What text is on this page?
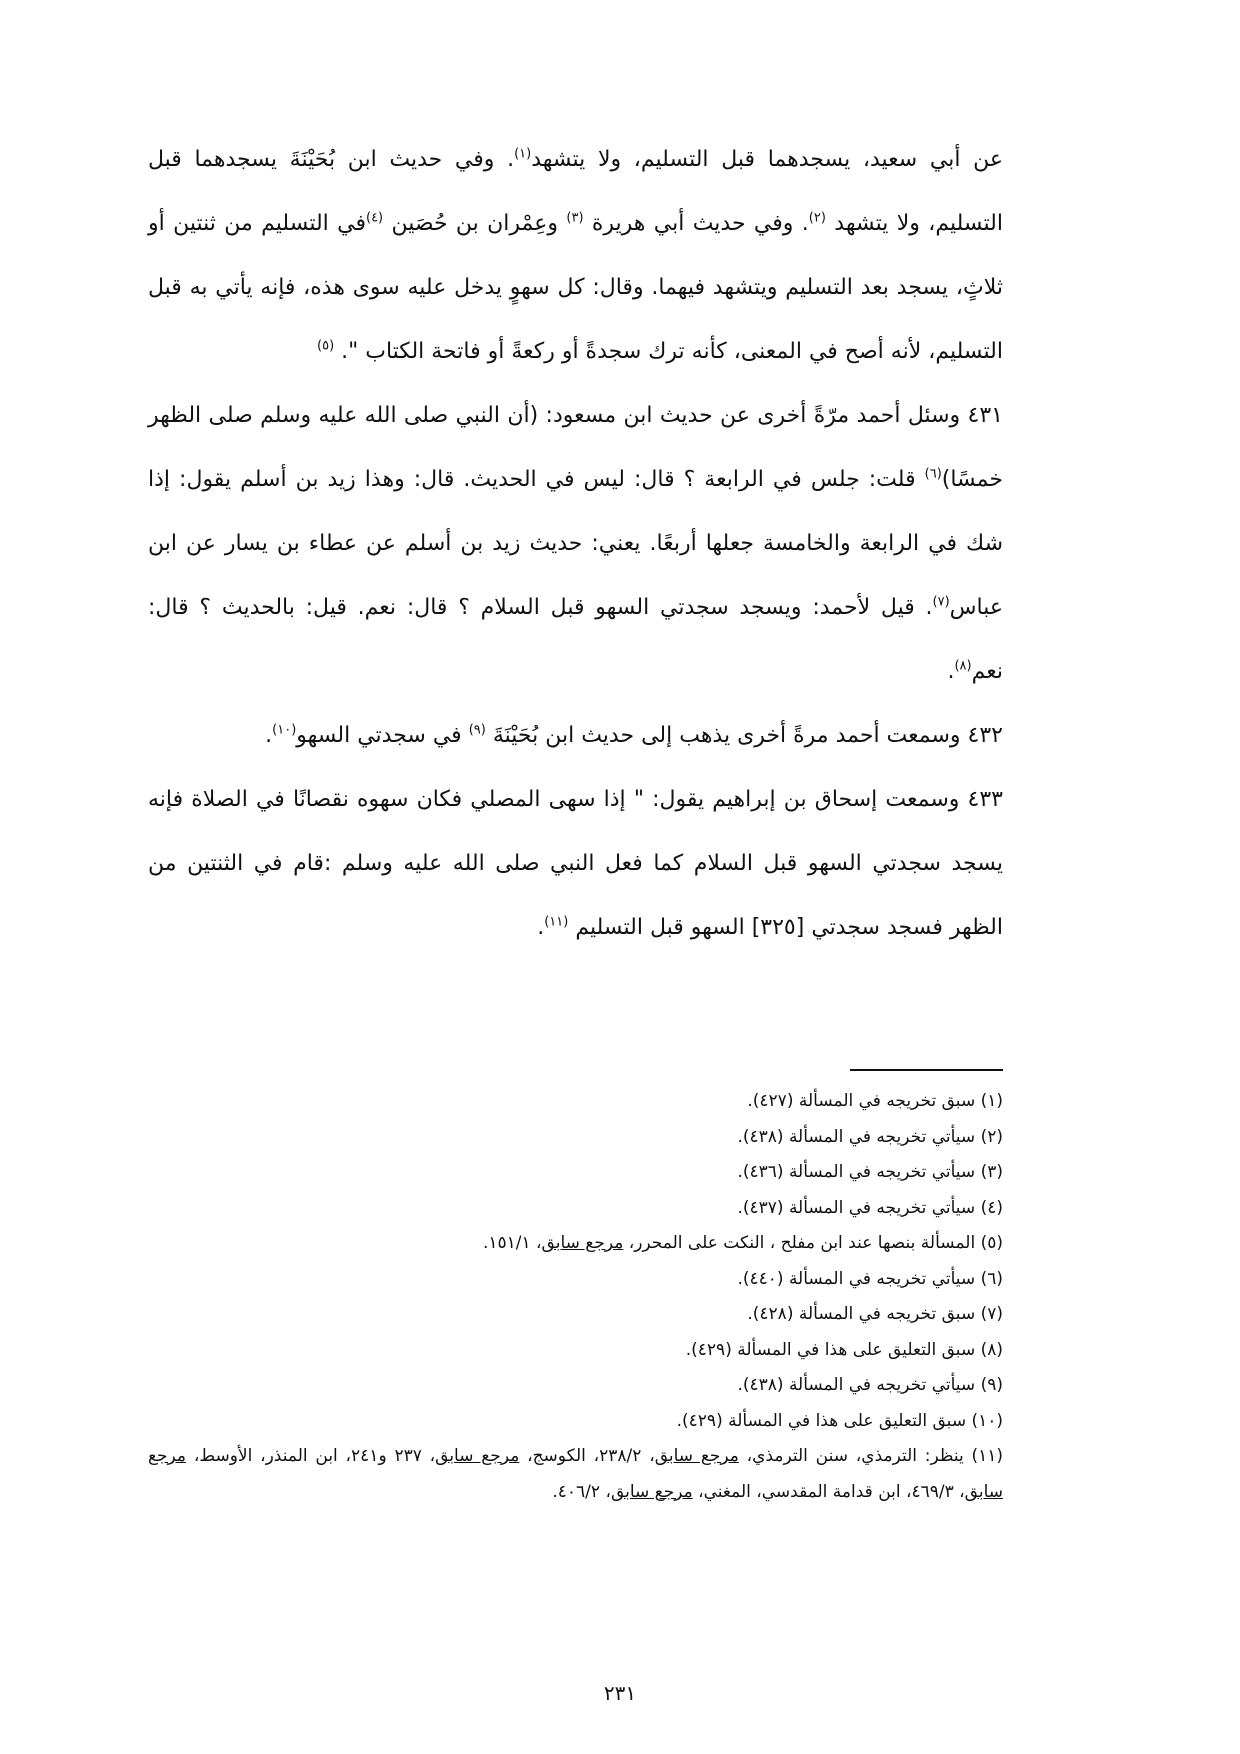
عن أبي سعيد، يسجدهما قبل التسليم، ولا يتشهد$^{(١)}$. وفي حديث ابن بُحَيْنَةَ يسجدهما قبل التسليم، ولا يتشهد $^{(٢)}$. وفي حديث أبي هريرة $^{(٣)}$ وعِمْران بن حُصَين $^{(٤)}$في التسليم من ثنتين أو ثلاثٍ، يسجد بعد التسليم ويتشهد فيهما. وقال: كل سهوٍ يدخل عليه سوى هذه، فإنه يأتي به قبل التسليم، لأنه أصح في المعنى، كأنه ترك سجدةً أو ركعةً أو فاتحة الكتاب ". $^{(٥)}$

٤٣١ وسئل أحمد مرّةً أخرى عن حديث ابن مسعود: (أن النبي صلى الله عليه وسلم صلى الظهر خمسًا)$^{(٦)}$ قلت: جلس في الرابعة ؟ قال: ليس في الحديث. قال: وهذا زيد بن أسلم يقول: إذا شك في الرابعة والخامسة جعلها أربعًا. يعني: حديث زيد بن أسلم عن عطاء بن يسار عن ابن عباس$^{(٧)}$. قيل لأحمد: ويسجد سجدتي السهو قبل السلام ؟ قال: نعم. قيل: بالحديث ؟ قال: نعم$^{(٨)}$.

٤٣٢ وسمعت أحمد مرةً أخرى يذهب إلى حديث ابن بُحَيْنَةَ $^{(٩)}$ في سجدتي السهو$^{(١٠)}$.

٤٣٣ وسمعت إسحاق بن إبراهيم يقول: " إذا سهى المصلي فكان سهوه نقصانًا في الصلاة فإنه يسجد سجدتي السهو قبل السلام كما فعل النبي صلى الله عليه وسلم :قام في الثنتين من الظهر فسجد سجدتي [٣٢٥] السهو قبل التسليم $^{(١١)}$.

(١) سبق تخريجه في المسألة (٤٢٧).

(٢) سيأتي تخريجه في المسألة (٤٣٨).

(٣) سيأتي تخريجه في المسألة (٤٣٦).

(٤) سيأتي تخريجه في المسألة (٤٣٧).

(٥) المسألة بنصها عند ابن مفلح ، النكت على المحرر، مرجع سابق، ١٥١/١.

(٦) سيأتي تخريجه في المسألة (٤٤٠).

(٧) سبق تخريجه في المسألة (٤٢٨).

(٨) سبق التعليق على هذا في المسألة (٤٢٩).

(٩) سيأتي تخريجه في المسألة (٤٣٨).

(١٠) سبق التعليق على هذا في المسألة (٤٢٩).

(١١) ينظر: الترمذي، سنن الترمذي، مرجع سابق، ٢٣٨/٢، الكوسج، مرجع سابق، ٢٣٧ و٢٤١، ابن المنذر، الأوسط، مرجع سابق، ٤٦٩/٣، ابن قدامة المقدسي، المغني، مرجع سابق، ٤٠٦/٢.

٢٣١
